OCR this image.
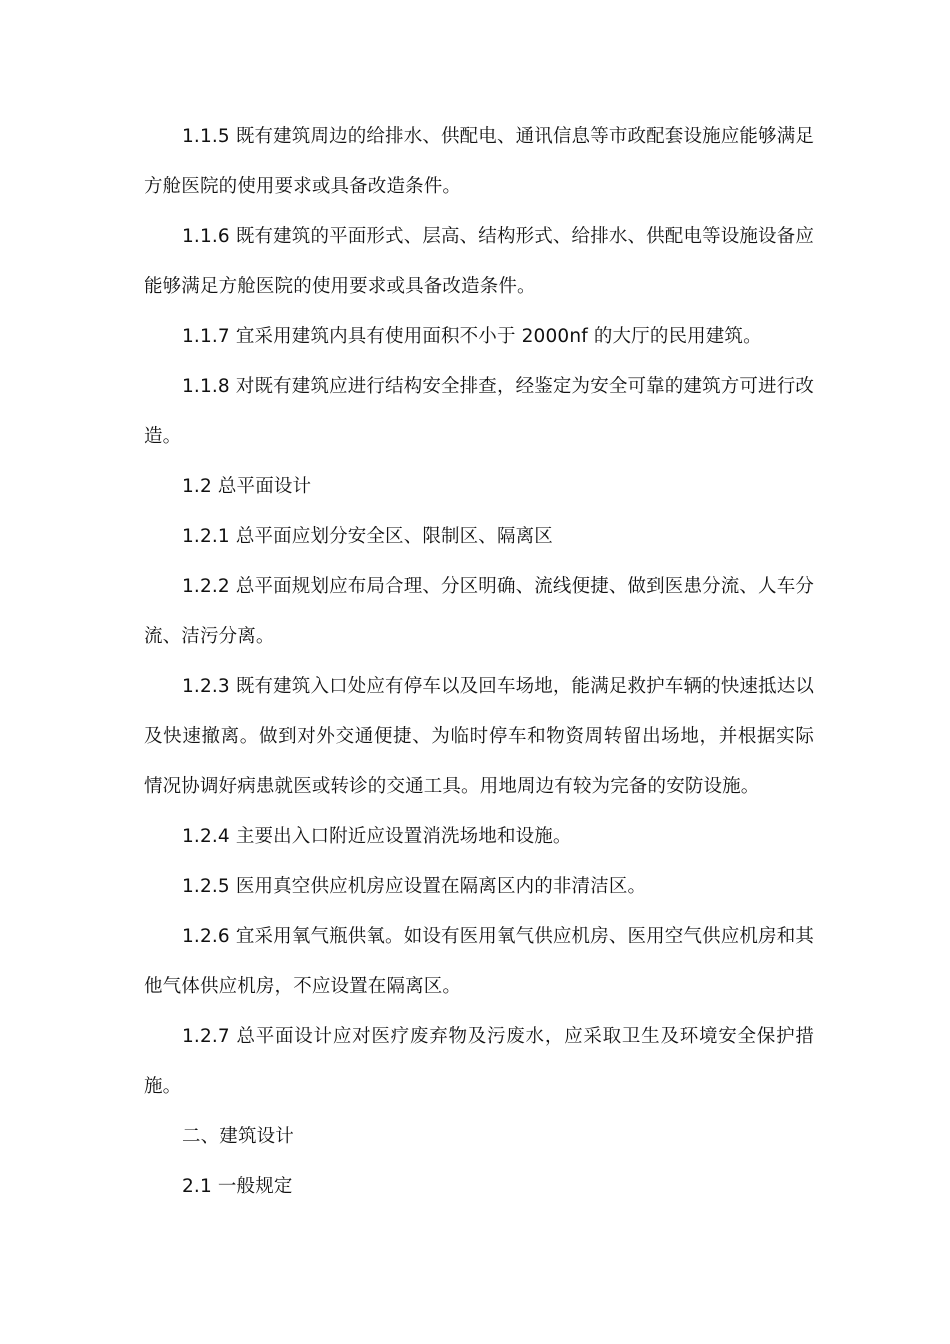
1.1.5 既有建筑周边的给排水、供配电、通讯信息等市政配套设施应能够满足方舱医院的使用要求或具备改造条件。

1.1.6 既有建筑的平面形式、层高、结构形式、给排水、供配电等设施设备应能够满足方舱医院的使用要求或具备改造条件。

1.1.7 宜采用建筑内具有使用面积不小于 2000nf 的大厅的民用建筑。

1.1.8 对既有建筑应进行结构安全排查，经鉴定为安全可靠的建筑方可进行改造。

1.2 总平面设计

1.2.1 总平面应划分安全区、限制区、隔离区

1.2.2 总平面规划应布局合理、分区明确、流线便捷、做到医患分流、人车分流、洁污分离。

1.2.3 既有建筑入口处应有停车以及回车场地，能满足救护车辆的快速抵达以及快速撤离。做到对外交通便捷、为临时停车和物资周转留出场地，并根据实际情况协调好病患就医或转诊的交通工具。用地周边有较为完备的安防设施。

1.2.4 主要出入口附近应设置消洗场地和设施。

1.2.5 医用真空供应机房应设置在隔离区内的非清洁区。

1.2.6 宜采用氧气瓶供氧。如设有医用氧气供应机房、医用空气供应机房和其他气体供应机房，不应设置在隔离区。

1.2.7 总平面设计应对医疗废弃物及污废水，应采取卫生及环境安全保护措施。

二、建筑设计

2.1 一般规定
